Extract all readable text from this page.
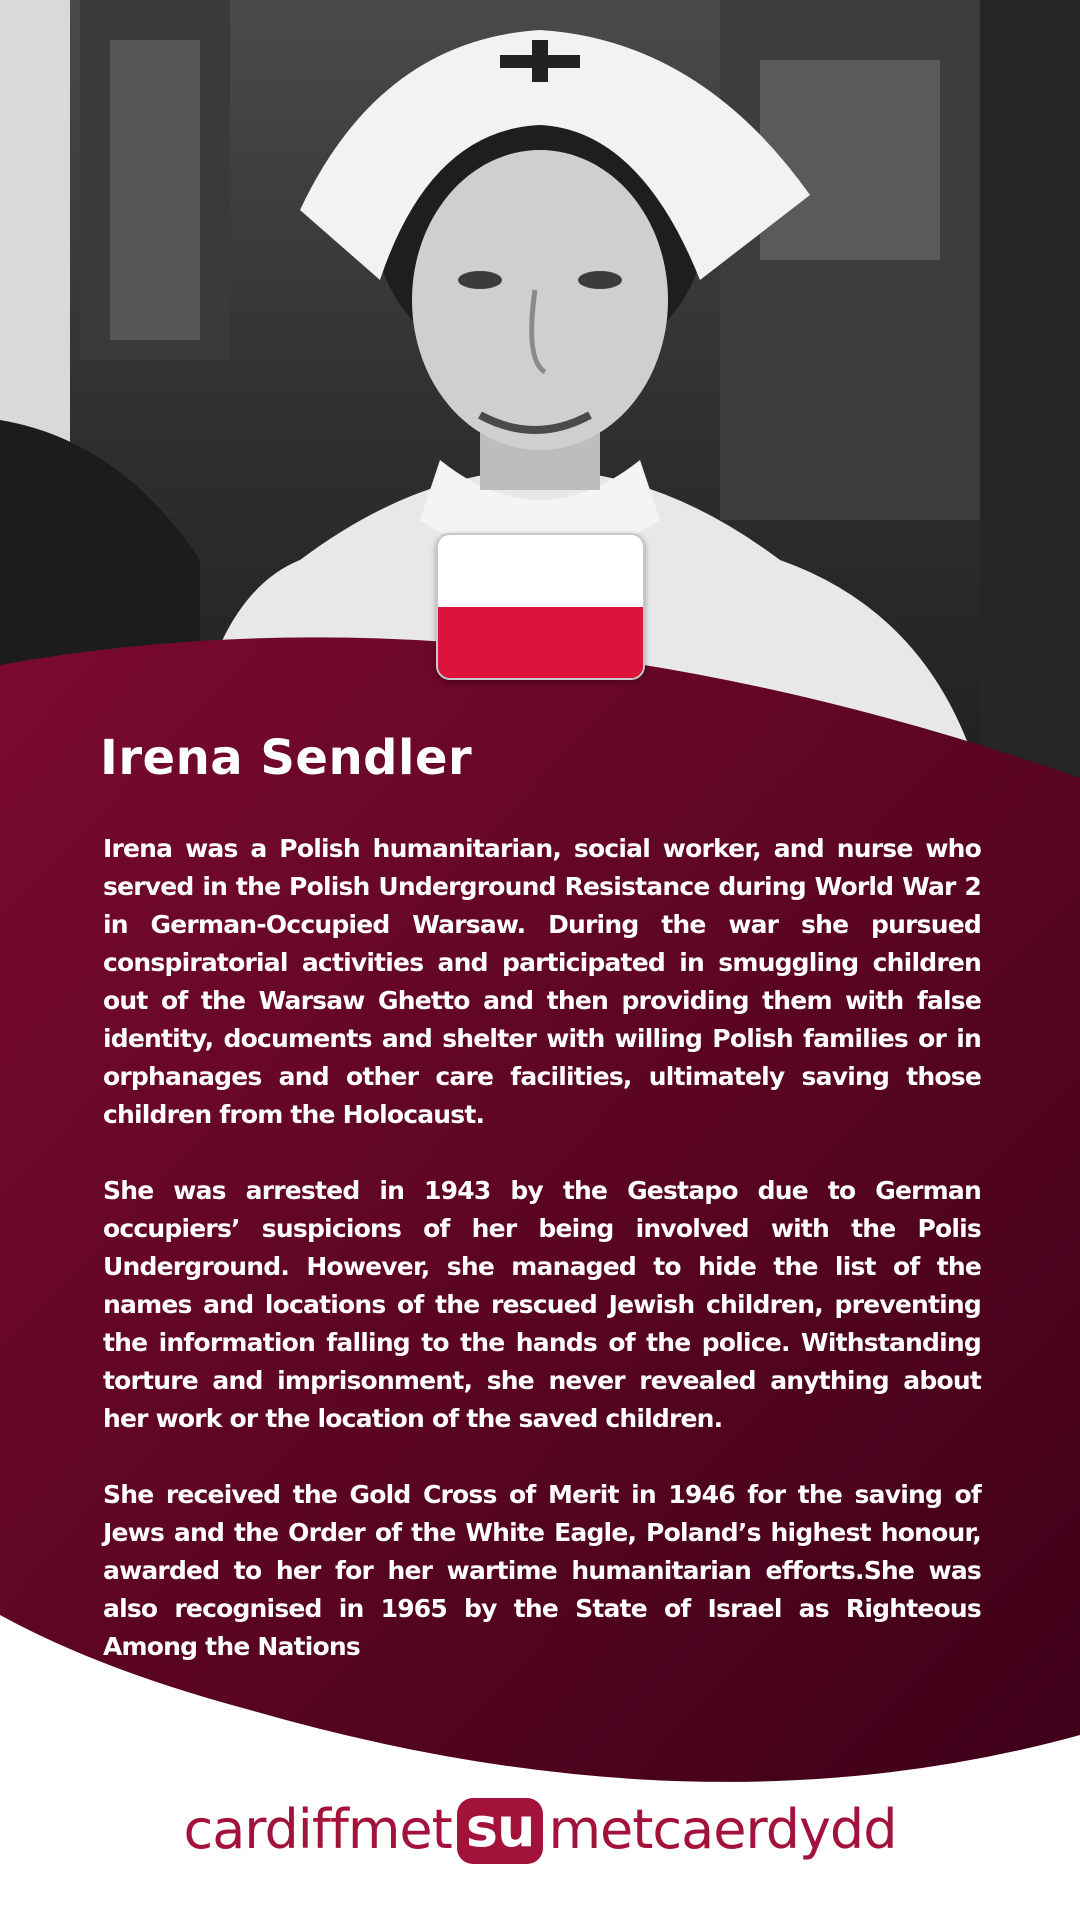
Irena Sendler

Irena was a Polish humanitarian, social worker, and nurse who served in the Polish Underground Resistance during World War 2 in German-Occupied Warsaw. During the war she pursued conspiratorial activities and participated in smuggling children out of the Warsaw Ghetto and then providing them with false identity, documents and shelter with willing Polish families or in orphanages and other care facilities, ultimately saving those children from the Holocaust.

She was arrested in 1943 by the Gestapo due to German occupiers’ suspicions of her being involved with the Polis Underground. However, she managed to hide the list of the names and locations of the rescued Jewish children, preventing the information falling to the hands of the police. Withstanding torture and imprisonment, she never revealed anything about her work or the location of the saved children.

She received the Gold Cross of Merit in 1946 for the saving of Jews and the Order of the White Eagle, Poland’s highest honour, awarded to her for her wartime humanitarian efforts.She was also recognised in 1965 by the State of Israel as Righteous Among the Nations

cardiffmet su metcaerdydd
